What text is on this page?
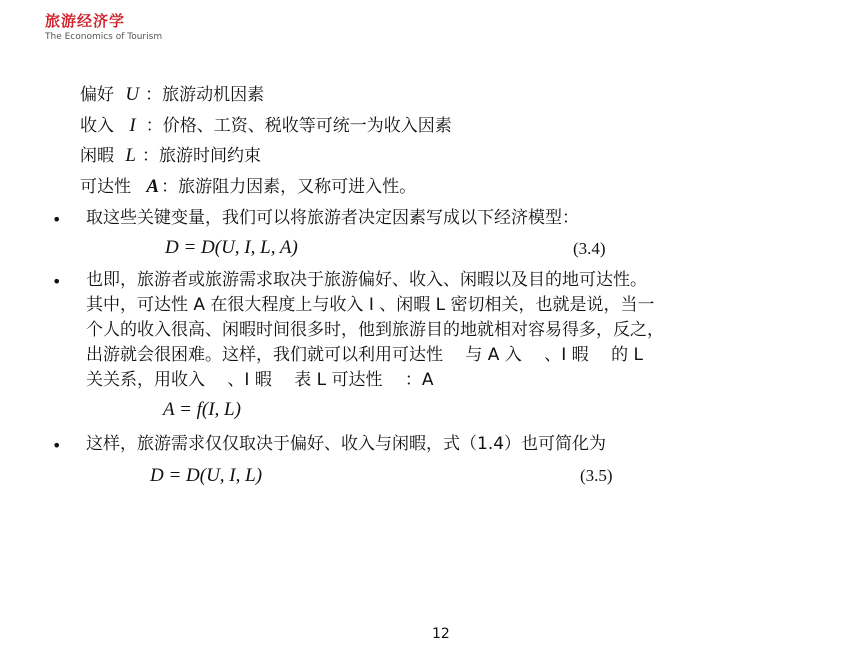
旅游经济学
The Economics of Tourism
偏好 U ：旅游动机因素
收入 I ：价格、工资、税收等可统一为收入因素
闲暇 L ：旅游时间约束
可达性 A ：旅游阻力因素，又称可进入性。
• 取这些关键变量，我们可以将旅游者决定因素写成以下经济模型：
D = D(U, I, L, A)	(3.4)
• 也即，旅游者或旅游需求取决于旅游偏好、收入、闲暇以及目的地可达性。
其中，可达性 A 在很大程度上与收入 I 、闲暇 L 密切相关，也就是说，当一
个人的收入很高、闲暇时间很多时，他到旅游目的地就相对容易得多，反之，
出游就会很困难。这样，我们就可以利用可达性　 与 A 入　 、I 暇　 的 L
关关系，用收入　 、I 暇　 表 L 可达性　 ：A
A = f(I, L)
• 这样，旅游需求仅仅取决于偏好、收入与闲暇，式（1.4）也可简化为
D = D(U, I, L)	(3.5)
12
